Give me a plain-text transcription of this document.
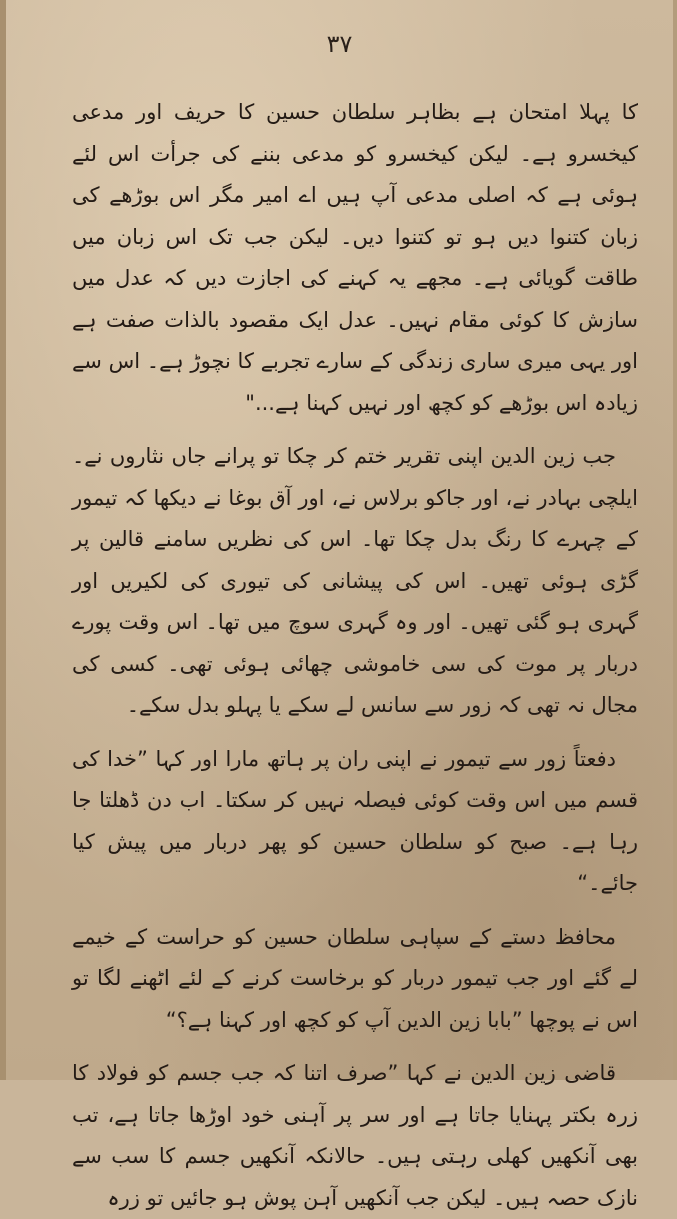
۳۷

کا پہلا امتحان ہے بظاہر سلطان حسین کا حریف اور مدعی کیخسرو ہے۔ لیکن کیخسرو کو مدعی بننے کی جرأت اس لئے ہوئی ہے کہ اصلی مدعی آپ ہیں اے امیر مگر اس بوڑھے کی زبان کتنوا دیں ہو تو کتنوا دیں۔ لیکن جب تک اس زبان میں طاقت گویائی ہے۔ مجھے یہ کہنے کی اجازت دیں کہ عدل میں سازش کا کوئی مقام نہیں۔ عدل ایک مقصود بالذات صفت ہے اور یہی میری ساری زندگی کے سارے تجربے کا نچوڑ ہے۔ اس سے زیادہ اس بوڑھے کو کچھ اور نہیں کہنا ہے..."

جب زین الدین اپنی تقریر ختم کر چکا تو پرانے جاں نثاروں نے۔ ایلچی بہادر نے، اور جاکو برلاس نے، اور آق بوغا نے دیکھا کہ تیمور کے چہرے کا رنگ بدل چکا تھا۔ اس کی نظریں سامنے قالین پر گڑی ہوئی تھیں۔ اس کی پیشانی کی تیوری کی لکیریں اور گہری ہو گئی تھیں۔ اور وہ گہری سوچ میں تھا۔ اس وقت پورے دربار پر موت کی سی خاموشی چھائی ہوئی تھی۔ کسی کی مجال نہ تھی کہ زور سے سانس لے سکے یا پہلو بدل سکے۔

دفعتاً زور سے تیمور نے اپنی ران پر ہاتھ مارا اور کہا ”خدا کی قسم میں اس وقت کوئی فیصلہ نہیں کر سکتا۔ اب دن ڈھلتا جا رہا ہے۔ صبح کو سلطان حسین کو پھر دربار میں پیش کیا جائے۔“

محافظ دستے کے سپاہی سلطان حسین کو حراست کے خیمے لے گئے اور جب تیمور دربار کو برخاست کرنے کے لئے اٹھنے لگا تو اس نے پوچھا ”بابا زین الدین آپ کو کچھ اور کہنا ہے؟“

قاضی زین الدین نے کہا ”صرف اتنا کہ جب جسم کو فولاد کا زرہ بکتر پہنایا جاتا ہے اور سر پر آہنی خود اوڑھا جاتا ہے، تب بھی آنکھیں کھلی رہتی ہیں۔ حالانکہ آنکھیں جسم کا سب سے نازک حصہ ہیں۔ لیکن جب آنکھیں آہن پوش ہو جائیں تو زرہ
